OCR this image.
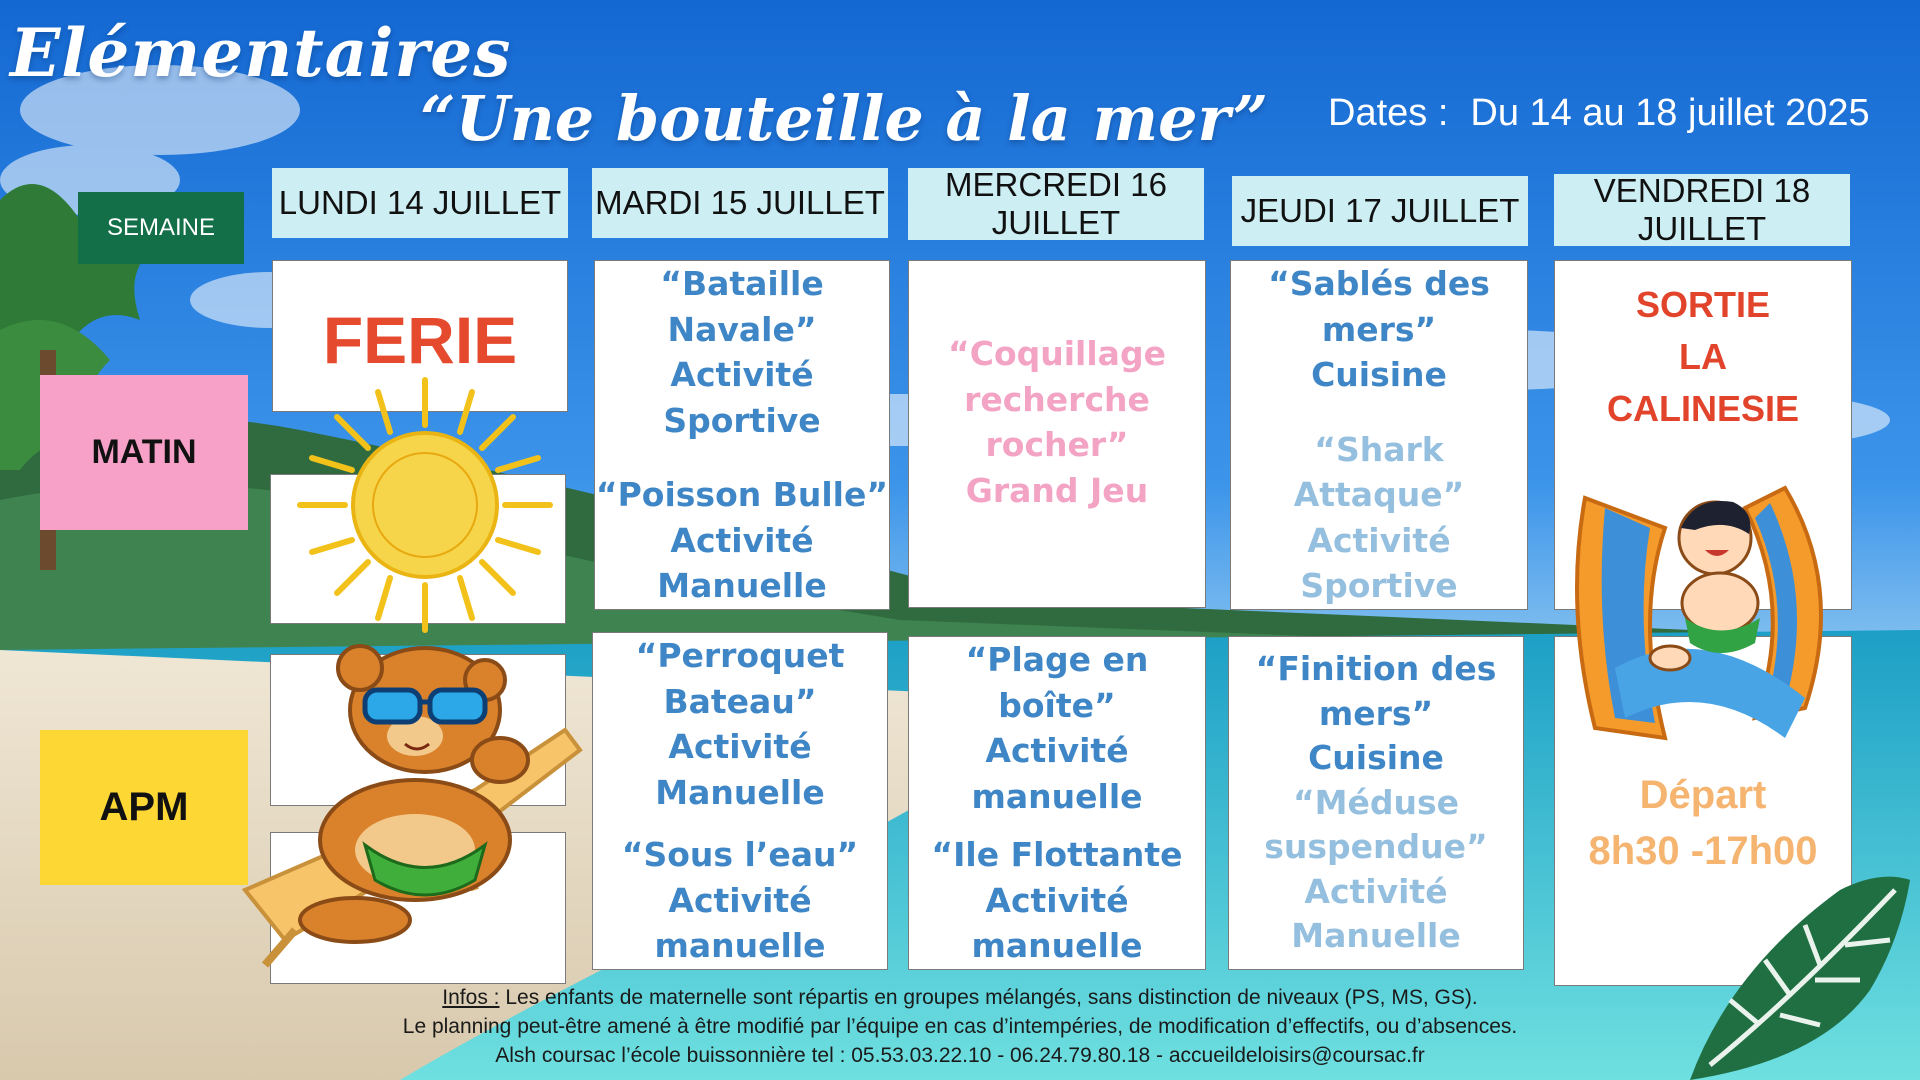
Elémentaires
“Une bouteille à la mer” Dates : Du 14 au 18 juillet 2025
SEMAINE
MATIN
APM
LUNDI 14 JUILLET MARDI 15 JUILLET MERCREDI 16
JUILLET	JEUDI 17 JUILLET
VENDREDI 18
JUILLET
FERIE
“Bataille Navale”
Activité Sportive
“Poisson Bulle”
Activité Manuelle
“Perroquet
Bateau”
Activité Manuelle
“Sous l’eau”
Activité manuelle
“Coquillage
recherche
rocher”
Grand Jeu
“Plage en boîte”
Activité manuelle
“Ile Flottante
Activité manuelle
“Sablés des mers”
Cuisine
“Shark Attaque”
Activité Sportive
“Finition des
mers”
Cuisine
“Méduse
suspendue”
Activité Manuelle
SORTIE
LA
CALINESIE
Départ
8h30 -17h00
Infos : Les enfants de maternelle sont répartis en groupes mélangés, sans distinction de niveaux (PS, MS, GS).
Le planning peut-être amené à être modifié par l’équipe en cas d’intempéries, de modification d’effectifs, ou d’absences.
Alsh coursac l’école buissonnière tel : 05.53.03.22.10 - 06.24.79.80.18 - accueildeloisirs@coursac.fr
